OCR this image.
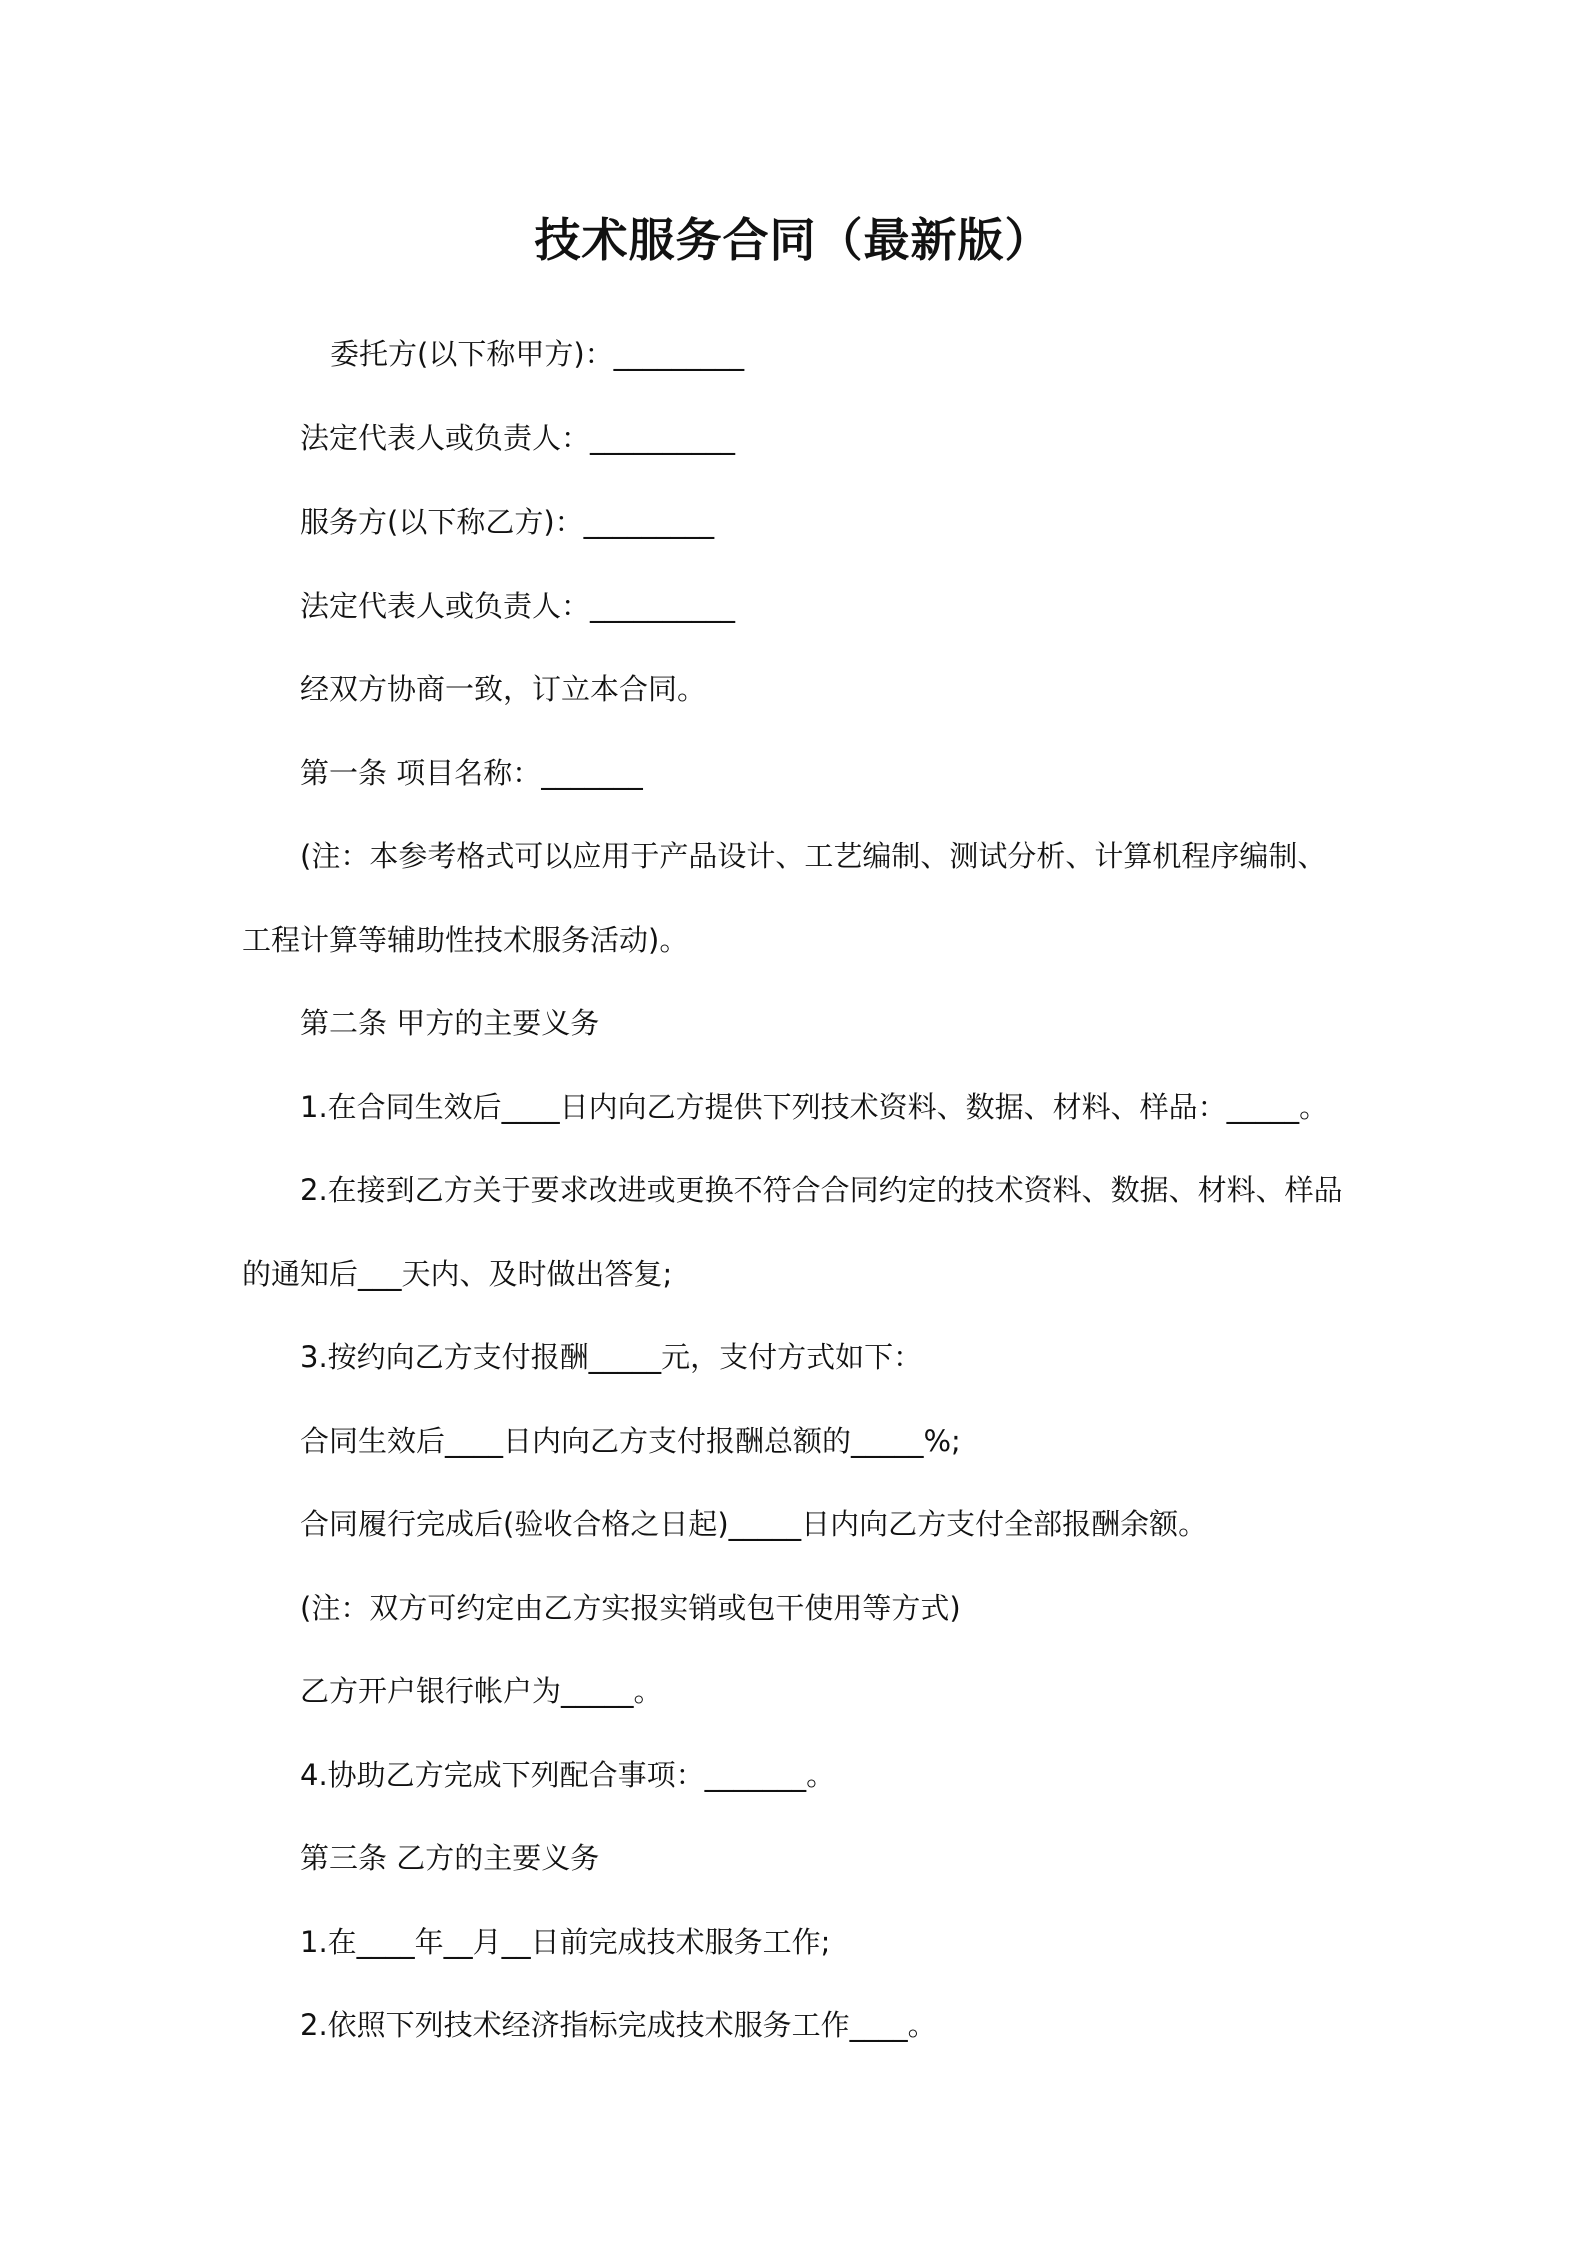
技术服务合同（最新版）
委托方(以下称甲方)：_________
法定代表人或负责人：__________
服务方(以下称乙方)：_________
法定代表人或负责人：__________
经双方协商一致，订立本合同。
第一条 项目名称：_______
(注：本参考格式可以应用于产品设计、工艺编制、测试分析、计算机程序编制、
工程计算等辅助性技术服务活动)。
第二条 甲方的主要义务
1.在合同生效后____日内向乙方提供下列技术资料、数据、材料、样品：_____。
2.在接到乙方关于要求改进或更换不符合合同约定的技术资料、数据、材料、样品
的通知后___天内、及时做出答复;
3.按约向乙方支付报酬_____元，支付方式如下：
合同生效后____日内向乙方支付报酬总额的_____%;
合同履行完成后(验收合格之日起)_____日内向乙方支付全部报酬余额。
(注：双方可约定由乙方实报实销或包干使用等方式)
乙方开户银行帐户为_____。
4.协助乙方完成下列配合事项：_______。
第三条 乙方的主要义务
1.在____年__月__日前完成技术服务工作;
2.依照下列技术经济指标完成技术服务工作____。
